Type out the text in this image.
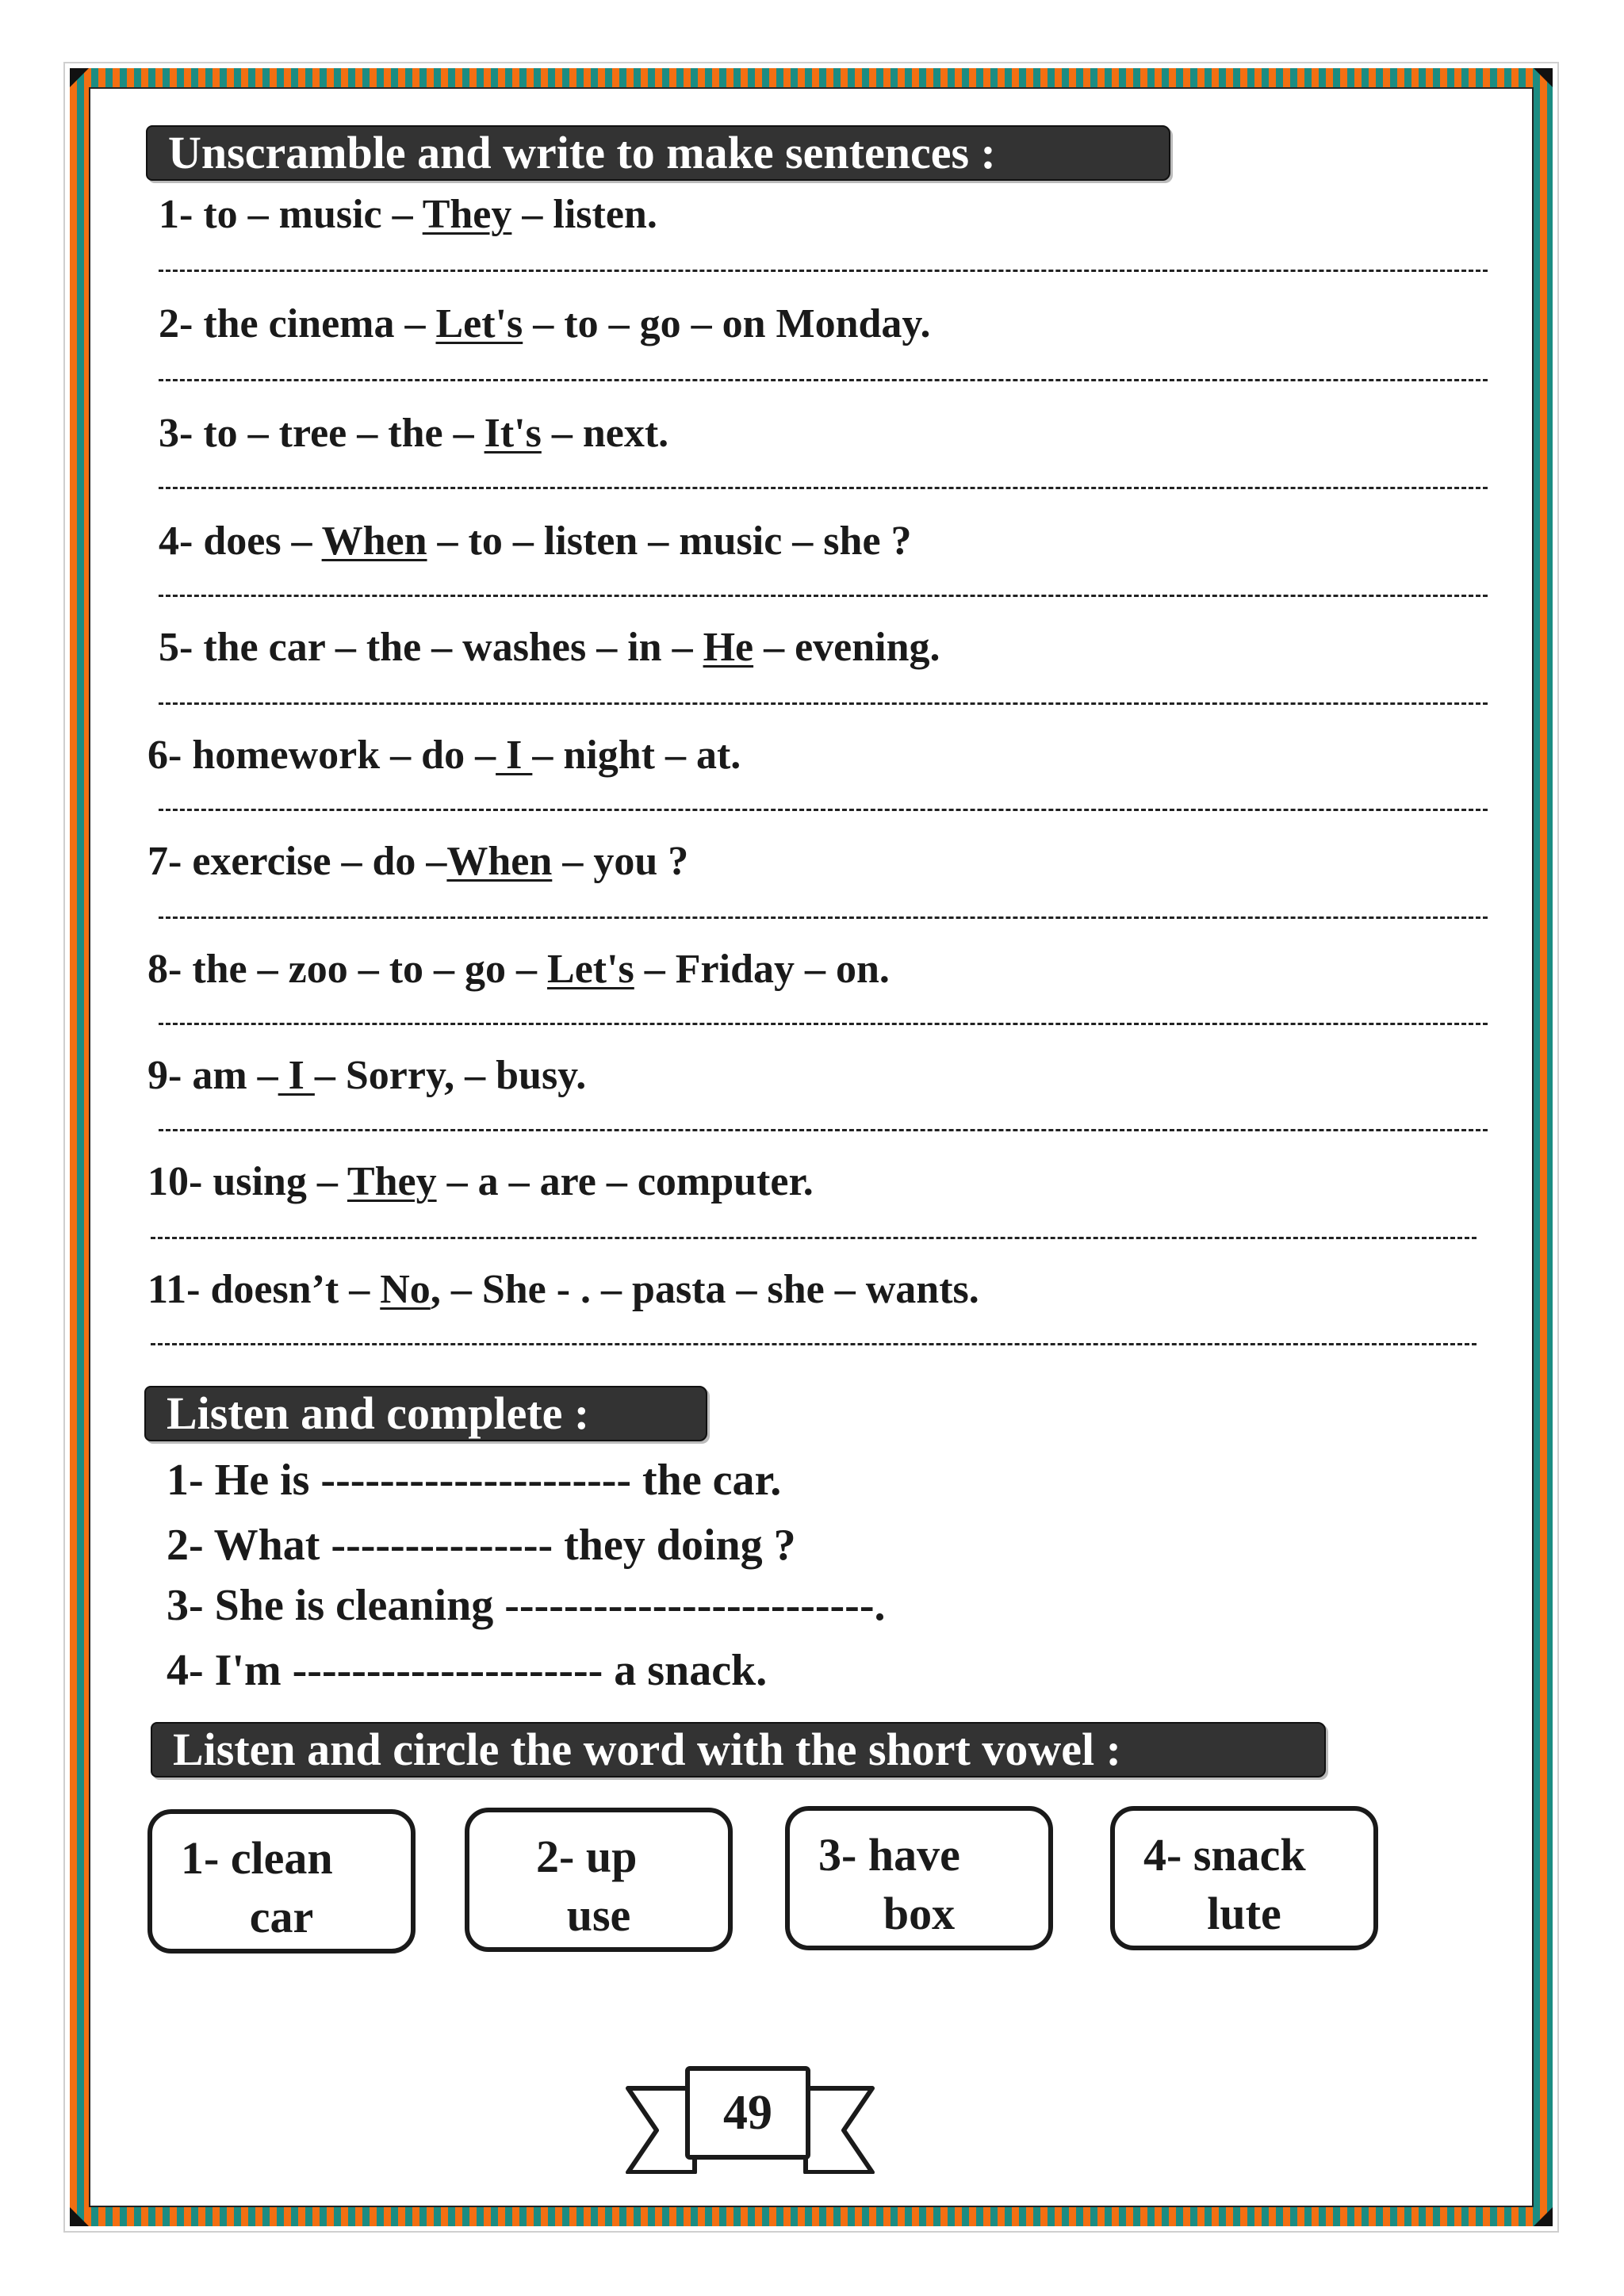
Unscramble and write to make sentences :
1- to – music – They – listen.
2- the cinema – Let's – to – go – on Monday.
3- to – tree – the – It's – next.
4- does – When – to – listen – music – she ?
5- the car – the – washes – in – He – evening.
6- homework – do – I – night – at.
7- exercise – do –When – you ?
8- the – zoo – to – go – Let's – Friday – on.
9- am – I – Sorry, – busy.
10- using – They – a – are – computer.
11- doesn’t – No, – She - . – pasta – she – wants.
Listen and complete :
1- He is --------------------- the car.
2- What --------------- they doing ?
3- She is cleaning -------------------------.
4- I'm --------------------- a snack.
Listen and circle the word with the short vowel :
1- clean
car
2- up
use
3- have
box
4- snack
lute
49
